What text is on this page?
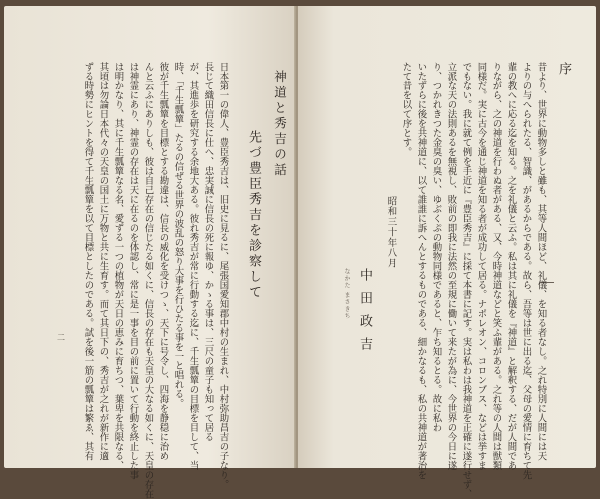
序
昔より、世界に動物多しと雖も、其等人間ほど、礼儀、を知る者なし。之れ特別に人間には天
よりの与へられたる、智識、があるからである。故ら、吾等は世に出る迄、父母の愛情に育ちて先
輩の教へに応る迄を知る。之を礼儀と云ふ。私は其に礼儀を『神道』と解釈する、だが人間であ
りながら、之の神道を行わぬ者がある、又、今時神道などと笑ふ輩がある。之れ等の人間は獣類
同様だ。実に古今を通じ神道を知る者が成功して居る。ナポレオン、コロンブス、などは挙すま
でもない。我に就て例を手近に『豊臣秀吉』に採て本書に記す。実は私わは我神道を正確に遂行せず、
立派な天の法則あるを無視し、敗前の即我に法然の至規に働いて来たが為に、今世界の今日に遂
り、つかれきつた金臭の臭い、ゆぶくぷの動物同様であると、乍ち知るとる。故に私わ
いたずらに後を共神道に、以て誰誰に訴へんとするものである、細かなるも、私の共神道が著治を
たて昔を以て序とす。
昭和三十年八月
中田政吉
なかた まさきち
神道と秀吉の話
先づ豊臣秀吉を診察して
日本第一の偉人、豊臣秀吉は、旧史に見るに、尾張国愛知郡中村の生まれ、中村弥助昌吉の子なり。
長じて織田信長に仕へ、忠実誠に信長の死に報ゆ、かゝる事は、三尺の童子も知って居る
が、其進歩を研究する余地大ある。彼れ秀吉が常に行動する迄に、千生瓢簞の目標を目して、当
時、「千生瓢簞」たるの信ぜる世界の波乱の怒り大事を行ひたる事を一と唱れる。
彼が千生瓢簞を目標とする勘違は、信長の威化を受けつゝ、天下に号令し、四海を静穏に治め
んと云ふにありしも、彼は自己存在の信じたる如くに、信長の存在も天皇の大なる如くに、天皇の存在
は神霊にあり、神霊の存在は天に在るのを体認し、常に是一事を目の前に置いて行動を終止した事
は明かなり、其に千生瓢簞なる名、愛ずる一つの植物が天日の恵みに育ちつ、葉卑を共限なる、
其頃は勿論日本代々の天皇の国土に万物と共に生育す。而て其日下の、秀吉が之れが新作に適
ずる時勢にヒントを得て千生瓢簞を以て目標としたのである。試を後一筋の瓢簞は繁ゑ、其有
二
